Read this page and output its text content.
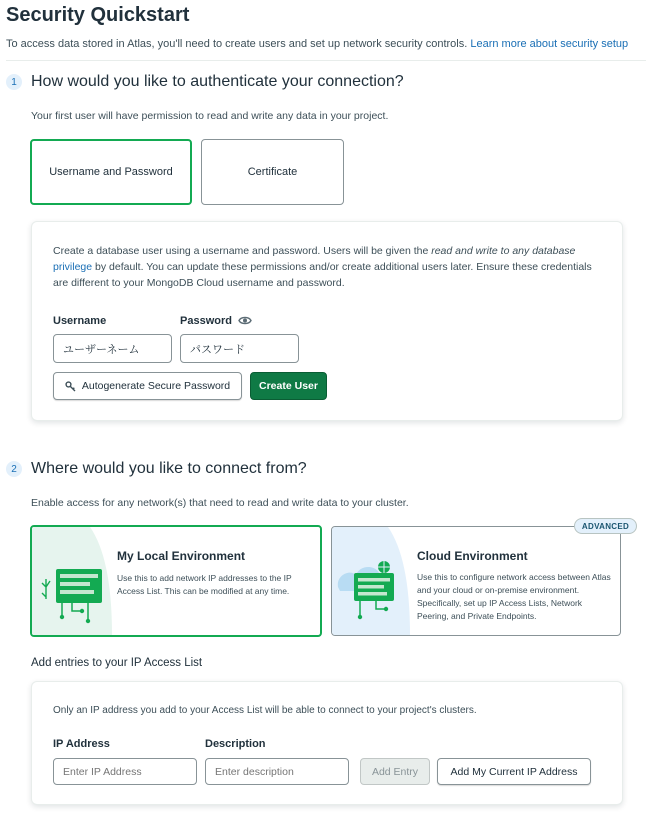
Security Quickstart
To access data stored in Atlas, you'll need to create users and set up network security controls. Learn more about security setup
1 How would you like to authenticate your connection?
Your first user will have permission to read and write any data in your project.
Username and Password	Certificate
Create a database user using a username and password. Users will be given the read and write to any database privilege by default. You can update these permissions and/or create additional users later. Ensure these credentials are different to your MongoDB Cloud username and password.
Username	Password
ユーザーネーム	パスワード
Autogenerate Secure Password	Create User
2 Where would you like to connect from?
Enable access for any network(s) that need to read and write data to your cluster.
My Local Environment
Use this to add network IP addresses to the IP Access List. This can be modified at any time.
Cloud Environment
Use this to configure network access between Atlas and your cloud or on-premise environment. Specifically, set up IP Access Lists, Network Peering, and Private Endpoints.
ADVANCED
Add entries to your IP Access List
Only an IP address you add to your Access List will be able to connect to your project's clusters.
IP Address	Description
Enter IP Address
Enter description
Add Entry	Add My Current IP Address
